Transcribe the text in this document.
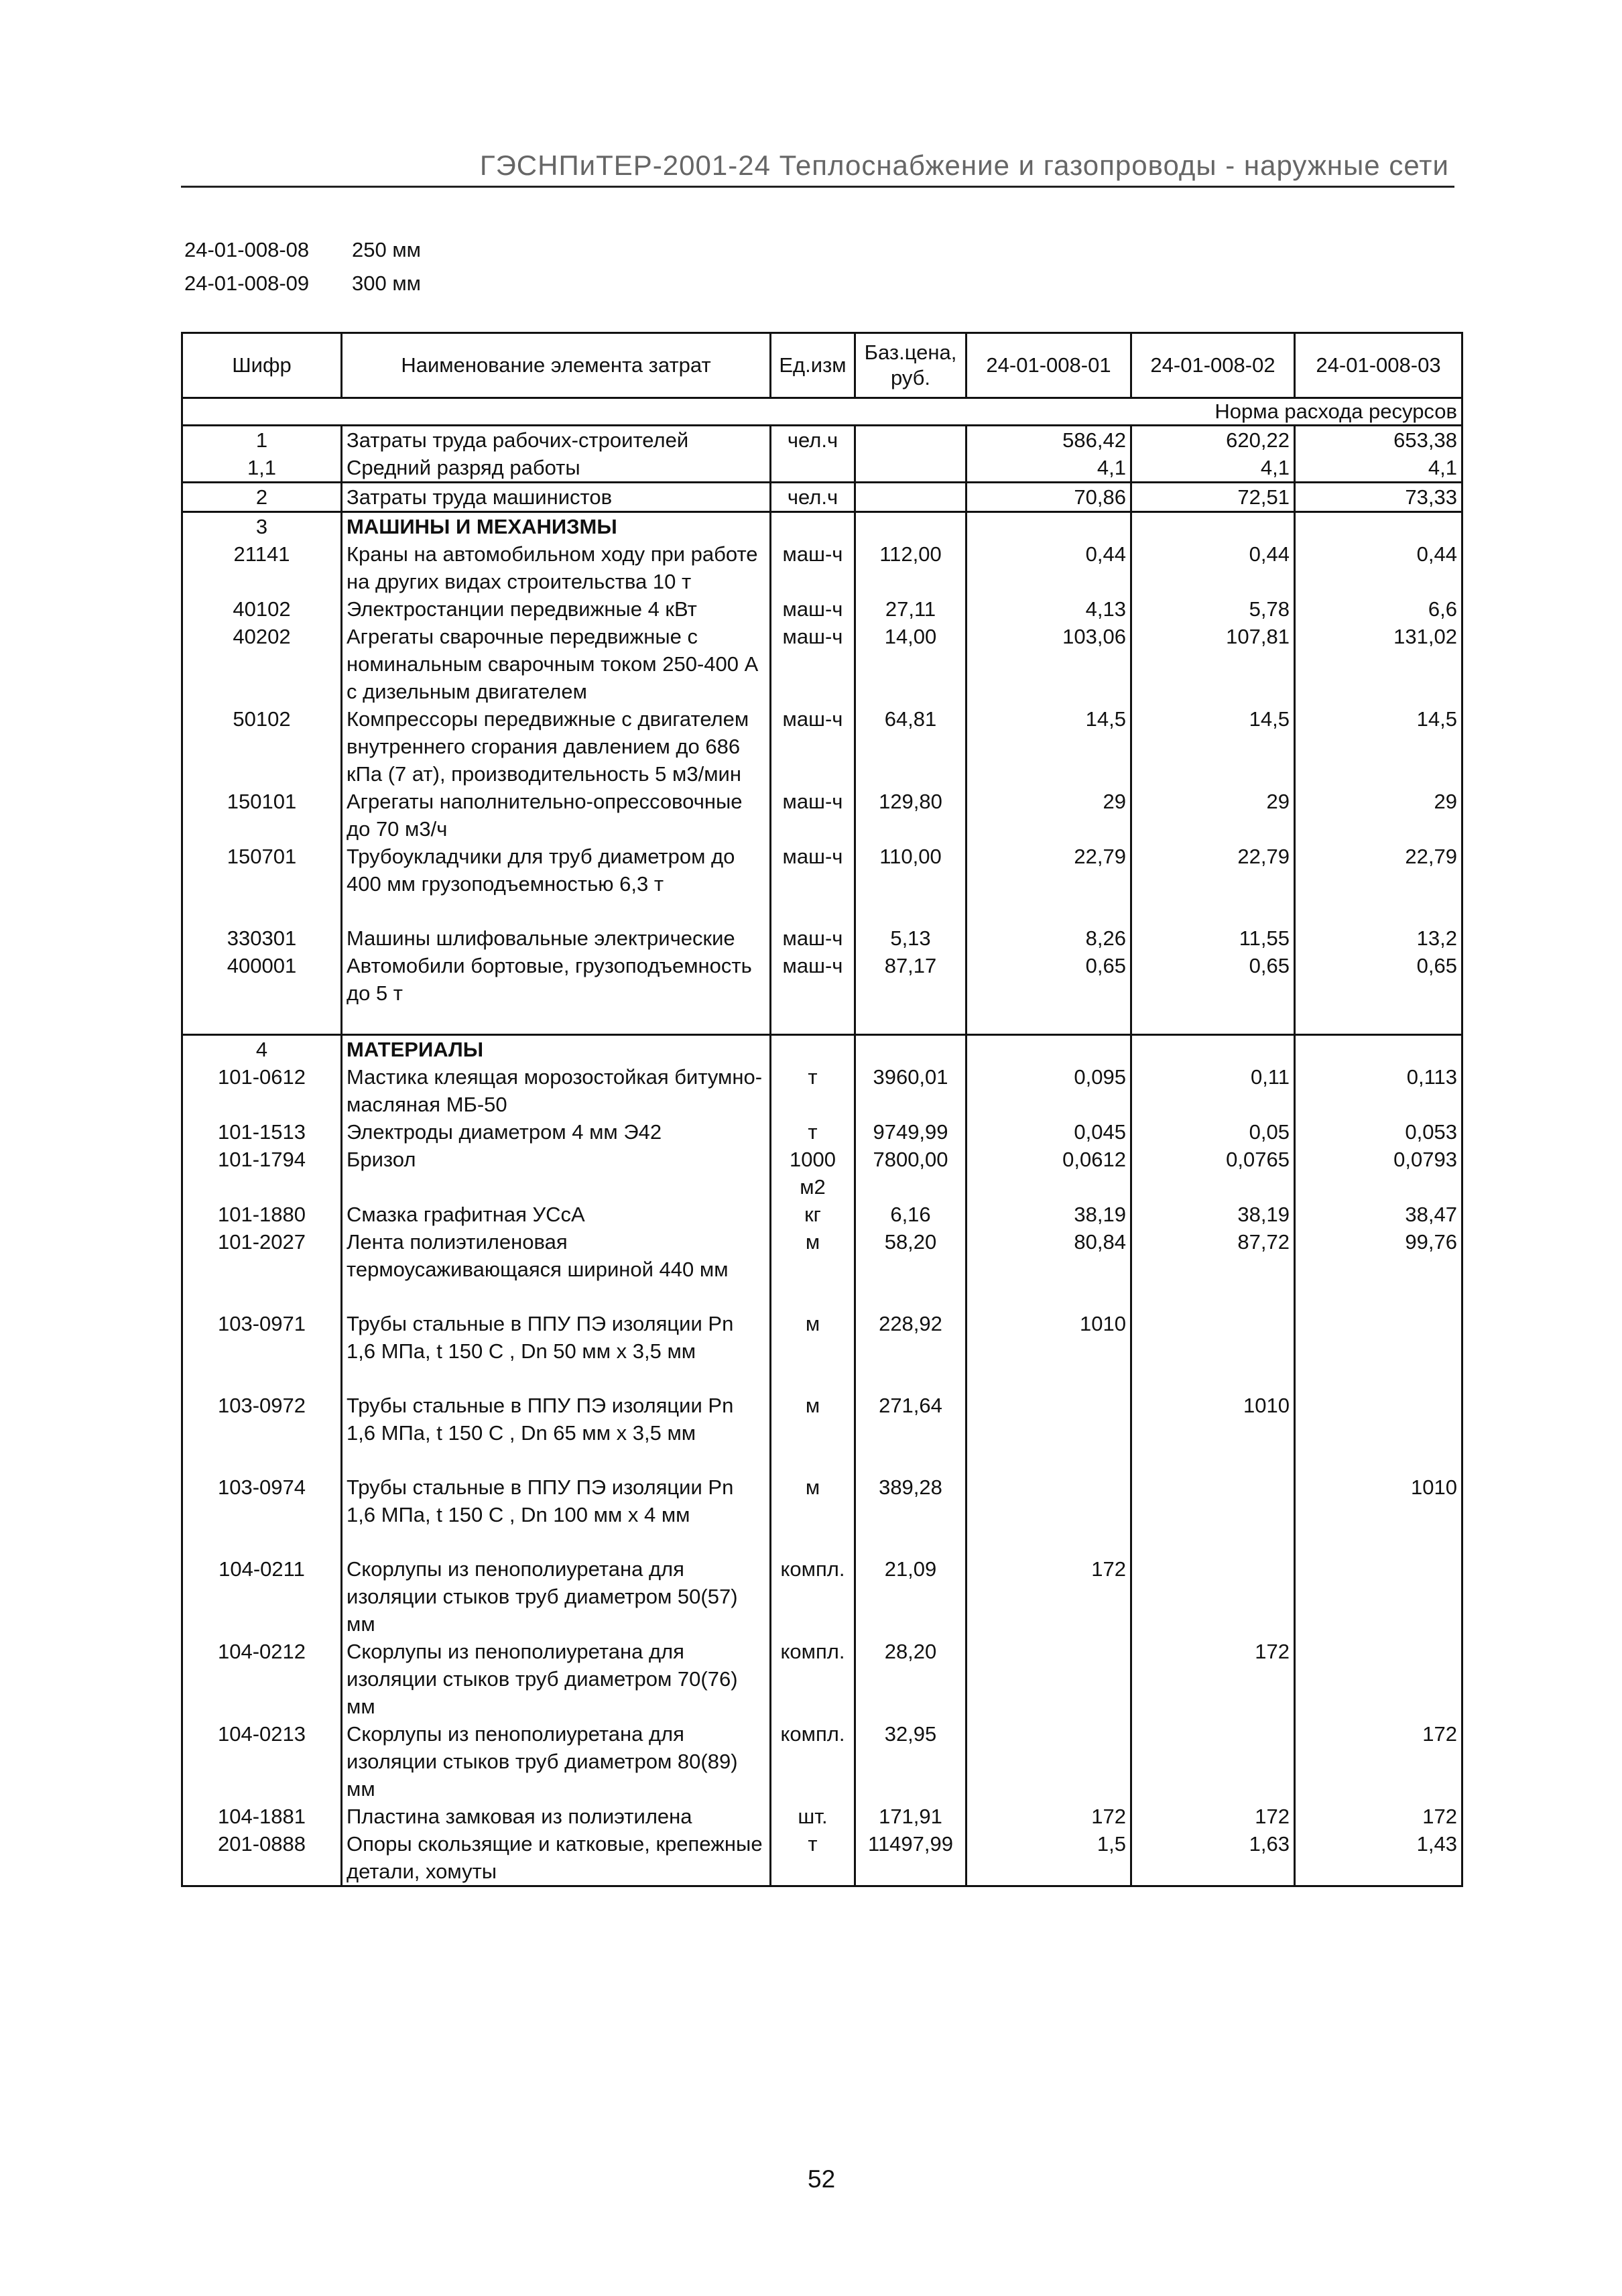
ГЭСНПиТЕР-2001-24 Теплоснабжение и газопроводы - наружные сети
24-01-008-08	250 мм
24-01-008-09	300 мм
Шифр	Наименование элемента затрат	Ед.изм	Баз.цена, руб.	24-01-008-01	24-01-008-02	24-01-008-03
Норма расхода ресурсов						
1	Затраты труда рабочих-строителей	чел.ч		586,42	620,22	653,38
1,1	Средний разряд работы			4,1	4,1	4,1
2	Затраты труда машинистов	чел.ч		70,86	72,51	73,33
3	МАШИНЫ И МЕХАНИЗМЫ					
21141	Краны на автомобильном ходу при работе на других видах строительства 10 т	маш-ч	112,00	0,44	0,44	0,44
40102	Электростанции передвижные 4 кВт	маш-ч	27,11	4,13	5,78	6,6
40202	Агрегаты сварочные передвижные с номинальным сварочным током 250-400 А с дизельным двигателем	маш-ч	14,00	103,06	107,81	131,02
50102	Компрессоры передвижные с двигателем внутреннего сгорания давлением до 686 кПа (7 ат), производительность 5 м3/мин	маш-ч	64,81	14,5	14,5	14,5
150101	Агрегаты наполнительно-опрессовочные до 70 м3/ч	маш-ч	129,80	29	29	29
150701	Трубоукладчики для труб диаметром до 400 мм грузоподъемностью 6,3 т	маш-ч	110,00	22,79	22,79	22,79
330301	Машины шлифовальные электрические	маш-ч	5,13	8,26	11,55	13,2
400001	Автомобили бортовые, грузоподъемность до 5 т	маш-ч	87,17	0,65	0,65	0,65
4	МАТЕРИАЛЫ					
101-0612	Мастика клеящая морозостойкая битумно-масляная МБ-50	т	3960,01	0,095	0,11	0,113
101-1513	Электроды диаметром 4 мм Э42	т	9749,99	0,045	0,05	0,053
101-1794	Бризол	1000 м2	7800,00	0,0612	0,0765	0,0793
101-1880	Смазка графитная УСсА	кг	6,16	38,19	38,19	38,47
101-2027	Лента полиэтиленовая термоусаживающаяся шириной 440 мм	м	58,20	80,84	87,72	99,76
103-0971	Трубы стальные в ППУ ПЭ изоляции Pn 1,6 МПа, t 150 С , Dn 50 мм х 3,5 мм	м	228,92	1010		
103-0972	Трубы стальные в ППУ ПЭ изоляции Pn 1,6 МПа, t 150 С , Dn 65 мм х 3,5 мм	м	271,64		1010	
103-0974	Трубы стальные в ППУ ПЭ изоляции Pn 1,6 МПа, t 150 С , Dn 100 мм х 4 мм	м	389,28			1010
104-0211	Скорлупы из пенополиуретана для изоляции стыков труб диаметром 50(57) мм	компл.	21,09	172		
104-0212	Скорлупы из пенополиуретана для изоляции стыков труб диаметром 70(76) мм	компл.	28,20		172	
104-0213	Скорлупы из пенополиуретана для изоляции стыков труб диаметром 80(89) мм	компл.	32,95			172
104-1881	Пластина замковая из полиэтилена	шт.	171,91	172	172	172
201-0888	Опоры скользящие и катковые, крепежные детали, хомуты	т	11497,99	1,5	1,63	1,43
52
